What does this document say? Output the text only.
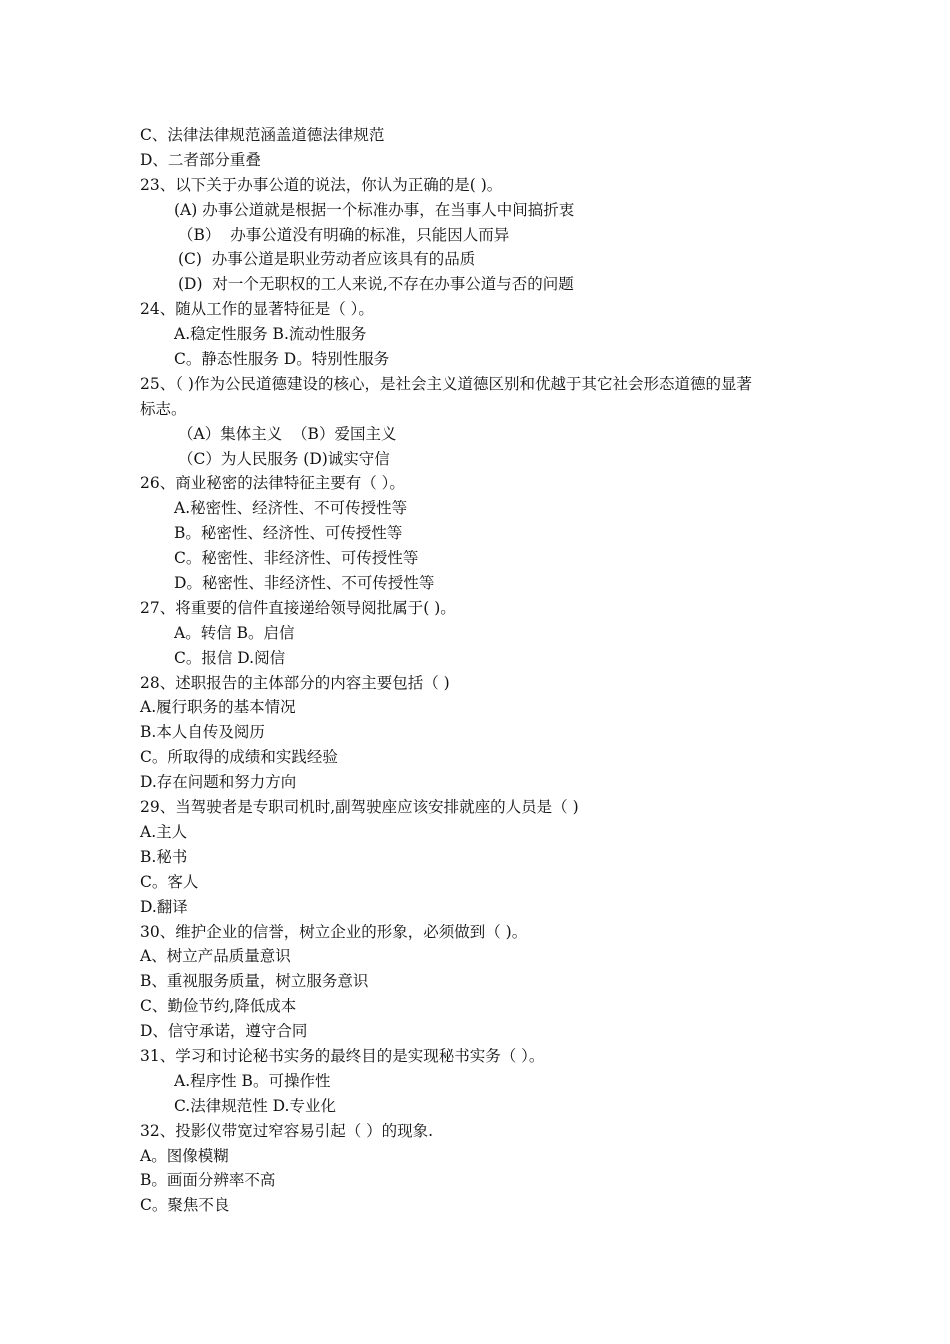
C、法律法律规范涵盖道德法律规范
D、二者部分重叠
23、以下关于办事公道的说法，你认为正确的是( )。
(A) 办事公道就是根据一个标准办事，在当事人中间搞折衷
（B）  办事公道没有明确的标准，只能因人而异
(C)  办事公道是职业劳动者应该具有的品质
(D)  对一个无职权的工人来说,不存在办事公道与否的问题
24、随从工作的显著特征是（ ）。
A.稳定性服务 B.流动性服务
C。静态性服务 D。特别性服务
25、（ )作为公民道德建设的核心，是社会主义道德区别和优越于其它社会形态道德的显著
标志。
（A）集体主义  （B）爱国主义
（C）为人民服务 (D)诚实守信
26、商业秘密的法律特征主要有（ ）。
A.秘密性、经济性、不可传授性等
B。秘密性、经济性、可传授性等
C。秘密性、非经济性、可传授性等
D。秘密性、非经济性、不可传授性等
27、将重要的信件直接递给领导阅批属于( )。
A。转信 B。启信
C。报信 D.阅信
28、述职报告的主体部分的内容主要包括（ )
A.履行职务的基本情况
B.本人自传及阅历
C。所取得的成绩和实践经验
D.存在问题和努力方向
29、当驾驶者是专职司机时,副驾驶座应该安排就座的人员是（ )
A.主人
B.秘书
C。客人
D.翻译
30、维护企业的信誉，树立企业的形象，必须做到（ )。
A、树立产品质量意识
B、重视服务质量，树立服务意识
C、勤俭节约,降低成本
D、信守承诺，遵守合同
31、学习和讨论秘书实务的最终目的是实现秘书实务（ ）。
A.程序性 B。可操作性
C.法律规范性 D.专业化
32、投影仪带宽过窄容易引起（ ）的现象.
A。图像模糊
B。画面分辨率不高
C。聚焦不良
